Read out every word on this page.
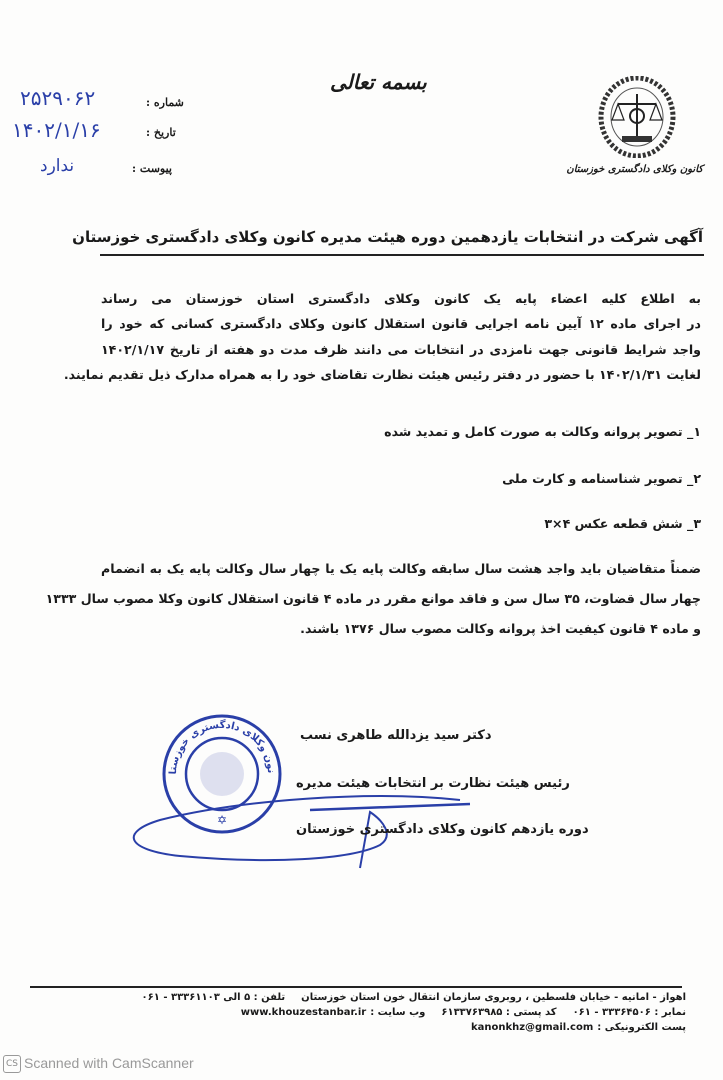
بسمه تعالی
کانون وکلای دادگستری خوزستان
شماره :
۲۵۲۹۰۶۲
تاریخ :
۱۴۰۲/۱/۱۶
پیوست :
ندارد
آگهی شرکت در انتخابات یازدهمین دوره هیئت مدیره کانون وکلای دادگستری خوزستان
به اطلاع کلیه اعضاء پایه یک کانون وکلای دادگستری استان خوزستان می رساند
در اجرای ماده ۱۲ آیین نامه اجرایی قانون استقلال کانون وکلای دادگستری کسانی که خود را
واجد شرایط قانونی جهت نامزدی در انتخابات می دانند ظرف مدت دو هفته از تاریخ ۱۴۰۲/۱/۱۷
لغایت ۱۴۰۲/۱/۳۱ با حضور در دفتر رئیس هیئت نظارت تقاضای خود را به همراه مدارک ذیل تقدیم نمایند.
۱_ تصویر پروانه وکالت به صورت کامل و تمدید شده
۲_ تصویر شناسنامه و کارت ملی
۳_ شش قطعه عکس ۴×۳
ضمناً متقاضیان باید واجد هشت سال سابقه وکالت پایه یک یا چهار سال وکالت پایه یک به انضمام
چهار سال قضاوت، ۳۵ سال سن و فاقد موانع مقرر در ماده ۴ قانون استقلال کانون وکلا مصوب سال ۱۳۳۳
و ماده ۴ قانون کیفیت اخذ پروانه وکالت مصوب سال ۱۳۷۶ باشند.
نون وکلای دادگستری خوزستا
✡
دکتر سید یزدالله طاهری نسب
رئیس هیئت نظارت بر انتخابات هیئت مدیره
دوره یازدهم کانون وکلای دادگستری خوزستان
اهواز - امانیه - خیابان فلسطین ، روبروی سازمان انتقال خون استان خوزستان
تلفن : ۵ الی ۳۳۳۶۱۱۰۳ - ۰۶۱
نمابر : ۳۳۳۶۴۵۰۶ - ۰۶۱
کد پستی : ۶۱۳۳۷۶۳۹۸۵
وب سایت :
www.khouzestanbar.ir
پست الکترونیکی :
kanonkhz@gmail.com
CS Scanned with CamScanner
